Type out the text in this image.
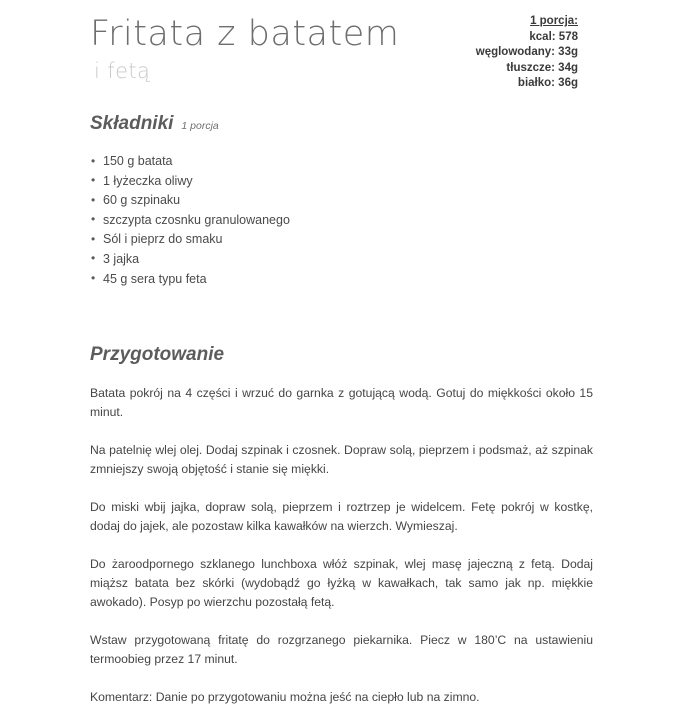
Fritata z batatem
i fetą
1 porcja:
kcal: 578
węglowodany: 33g
tłuszcze: 34g
białko: 36g
Składniki 1 porcja
• 150 g batata
• 1 łyżeczka oliwy
• 60 g szpinaku
• szczypta czosnku granulowanego
• Sól i pieprz do smaku
• 3 jajka
• 45 g sera typu feta
Przygotowanie

Batata pokrój na 4 części i wrzuć do garnka z gotującą wodą. Gotuj do miękkości około 15 minut.

Na patelnię wlej olej. Dodaj szpinak i czosnek. Dopraw solą, pieprzem i podsmaż, aż szpinak zmniejszy swoją objętość i stanie się miękki.

Do miski wbij jajka, dopraw solą, pieprzem i roztrzep je widelcem. Fetę pokrój w kostkę, dodaj do jajek, ale pozostaw kilka kawałków na wierzch. Wymieszaj.

Do żaroodpornego szklanego lunchboxa włóż szpinak, wlej masę jajeczną z fetą. Dodaj miąższ batata bez skórki (wydobądź go łyżką w kawałkach, tak samo jak np. miękkie awokado). Posyp po wierzchu pozostałą fetą.

Wstaw przygotowaną fritatę do rozgrzanego piekarnika. Piecz w 180’C na ustawieniu termoobieg przez 17 minut.

Komentarz: Danie po przygotowaniu można jeść na ciepło lub na zimno.
